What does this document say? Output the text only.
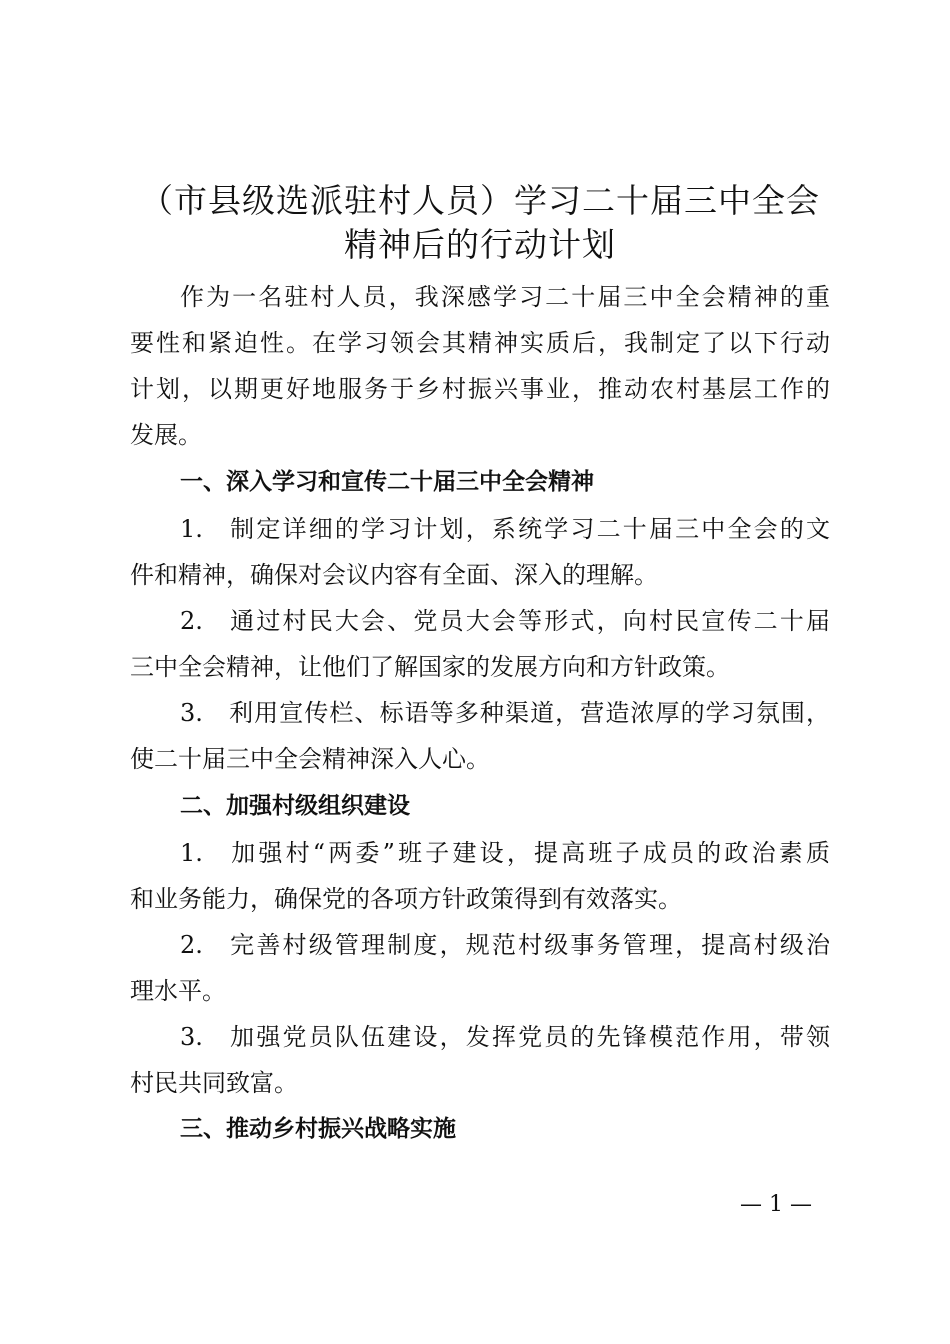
（市县级选派驻村人员）学习二十届三中全会
精神后的行动计划

作为一名驻村人员，我深感学习二十届三中全会精神的重

要性和紧迫性。在学习领会其精神实质后，我制定了以下行动

计划，以期更好地服务于乡村振兴事业，推动农村基层工作的

发展。

一、深入学习和宣传二十届三中全会精神

1. 制定详细的学习计划，系统学习二十届三中全会的文

件和精神，确保对会议内容有全面、深入的理解。

2. 通过村民大会、党员大会等形式，向村民宣传二十届

三中全会精神，让他们了解国家的发展方向和方针政策。

3. 利用宣传栏、标语等多种渠道，营造浓厚的学习氛围，

使二十届三中全会精神深入人心。

二、加强村级组织建设

1. 加强村“两委”班子建设，提高班子成员的政治素质

和业务能力，确保党的各项方针政策得到有效落实。

2. 完善村级管理制度，规范村级事务管理，提高村级治

理水平。

3. 加强党员队伍建设，发挥党员的先锋模范作用，带领

村民共同致富。

三、推动乡村振兴战略实施

— 1 —
